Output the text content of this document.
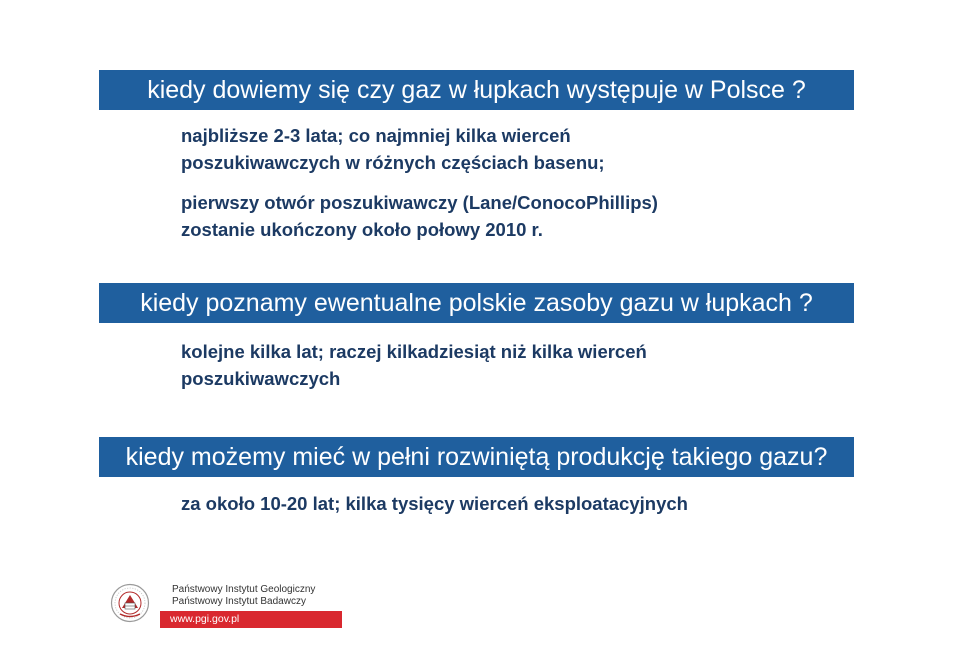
kiedy dowiemy się czy gaz w łupkach występuje w Polsce ?

najbliższe 2-3 lata; co najmniej kilka wierceń
poszukiwawczych w różnych częściach basenu;

pierwszy otwór poszukiwawczy (Lane/ConocoPhillips)
zostanie ukończony około połowy 2010 r.

kiedy poznamy ewentualne polskie zasoby gazu w łupkach ?

kolejne kilka lat; raczej kilkadziesiąt niż kilka wierceń
poszukiwawczych

kiedy możemy mieć w pełni rozwiniętą produkcję takiego gazu?

za około 10-20 lat; kilka tysięcy wierceń eksploatacyjnych

Państwowy Instytut Geologiczny
Państwowy Instytut Badawczy
www.pgi.gov.pl
